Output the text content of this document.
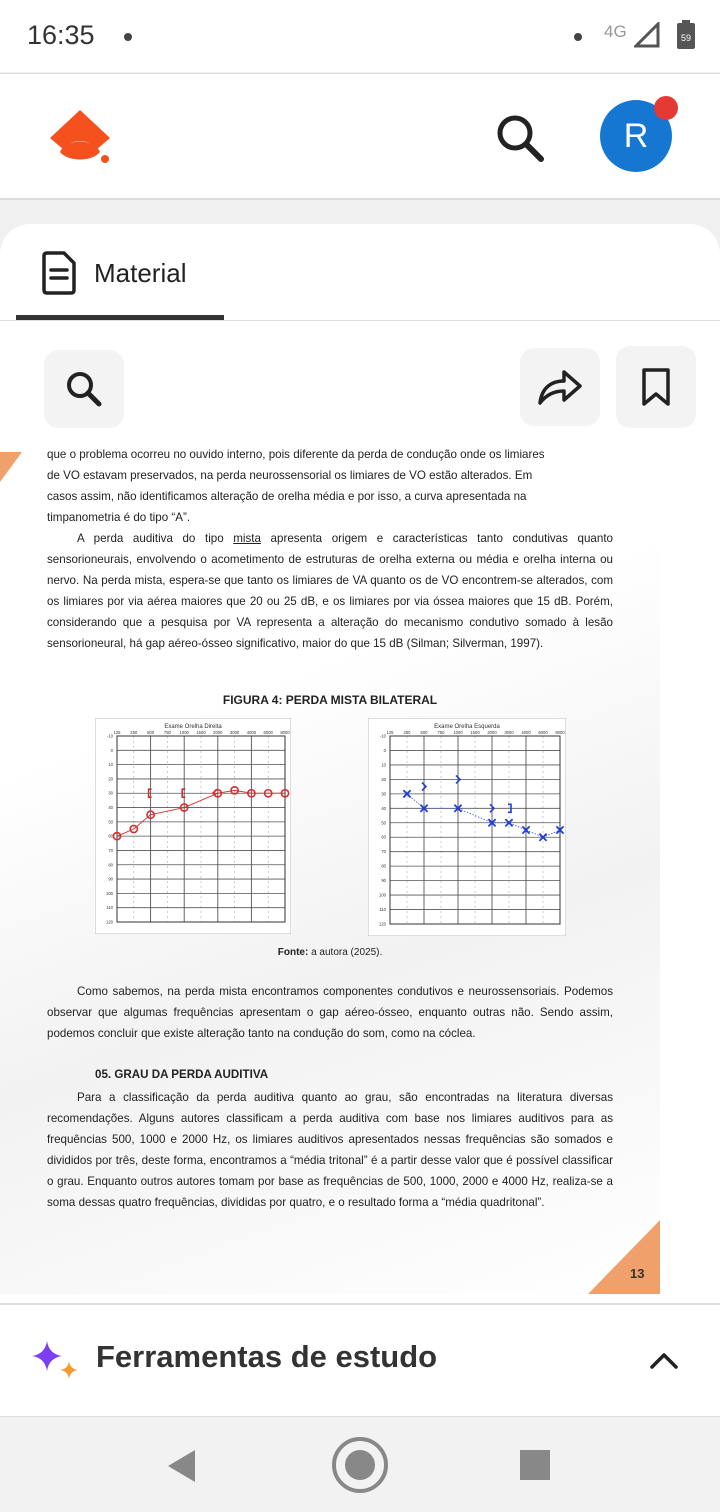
16:35	4G	59
R
Material
que o problema ocorreu no ouvido interno, pois diferente da perda de condução onde os limiares
de VO estavam preservados, na perda neurossensorial os limiares de VO estão alterados. Em
casos assim, não identificamos alteração de orelha média e por isso, a curva apresentada na
timpanometria é do tipo “A”.
A perda auditiva do tipo mista apresenta origem e características tanto condutivas quanto sensorioneurais, envolvendo o acometimento de estruturas de orelha externa ou média e orelha interna ou nervo. Na perda mista, espera-se que tanto os limiares de VA quanto os de VO encontrem-se alterados, com os limiares por via aérea maiores que 20 ou 25 dB, e os limiares por via óssea maiores que 15 dB. Porém, considerando que a pesquisa por VA representa a alteração do mecanismo condutivo somado à lesão sensorioneural, há gap aéreo-ósseo significativo, maior do que 15 dB (Silman; Silverman, 1997).
FIGURA 4: PERDA MISTA BILATERAL
Exame Orelha Direita
125 250 500 750 1000 1500 2000 3000 4000 6000 8000
-10
0
10
20
30
40
50
60
70
80
90
100
110
120
Exame Orelha Esquerda
125 250 500 750 1000 1500 2000 3000 4000 6000 8000
-10
0
10
20
30
40
50
60
70
80
90
100
110
120
Fonte: a autora (2025).
Como sabemos, na perda mista encontramos componentes condutivos e neurossensoriais. Podemos observar que algumas frequências apresentam o gap aéreo-ósseo, enquanto outras não. Sendo assim, podemos concluir que existe alteração tanto na condução do som, como na cóclea.
05. GRAU DA PERDA AUDITIVA
Para a classificação da perda auditiva quanto ao grau, são encontradas na literatura diversas recomendações. Alguns autores classificam a perda auditiva com base nos limiares auditivos para as frequências 500, 1000 e 2000 Hz, os limiares auditivos apresentados nessas frequências são somados e divididos por três, deste forma, encontramos a “média tritonal” é a partir desse valor que é possível classificar o grau. Enquanto outros autores tomam por base as frequências de 500, 1000, 2000 e 4000 Hz, realiza-se a soma dessas quatro frequências, divididas por quatro, e o resultado forma a “média quadritonal”.
13
Ferramentas de estudo
